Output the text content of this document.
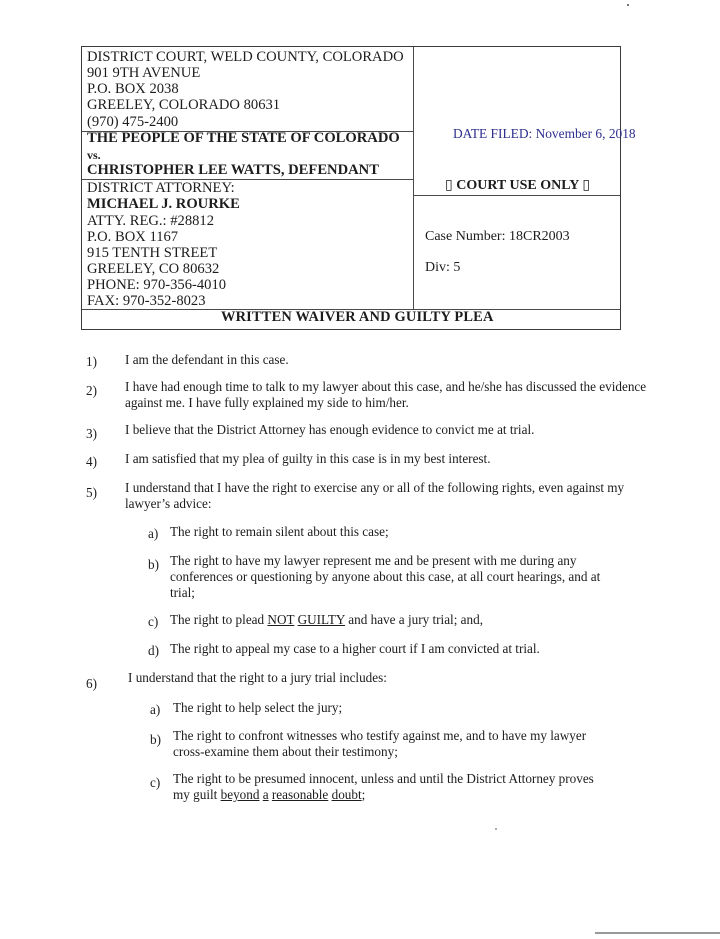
DISTRICT COURT, WELD COUNTY, COLORADO
901 9TH AVENUE
P.O. BOX 2038
GREELEY, COLORADO 80631
(970) 475-2400
THE PEOPLE OF THE STATE OF COLORADO
vs.
CHRISTOPHER LEE WATTS, DEFENDANT
DISTRICT ATTORNEY:
MICHAEL J. ROURKE
ATTY. REG.: #28812
P.O. BOX 1167
915 TENTH STREET
GREELEY, CO 80632
PHONE: 970-356-4010
FAX: 970-352-8023
DATE FILED: November 6, 2018
▯ COURT USE ONLY ▯
Case Number: 18CR2003
Div: 5
WRITTEN WAIVER AND GUILTY PLEA
1) I am the defendant in this case.
2) I have had enough time to talk to my lawyer about this case, and he/she has discussed the evidence
against me. I have fully explained my side to him/her.
3) I believe that the District Attorney has enough evidence to convict me at trial.
4) I am satisfied that my plea of guilty in this case is in my best interest.
5) I understand that I have the right to exercise any or all of the following rights, even against my
lawyer’s advice:
a) The right to remain silent about this case;
b) The right to have my lawyer represent me and be present with me during any
conferences or questioning by anyone about this case, at all court hearings, and at
trial;
c) The right to plead NOT GUILTY and have a jury trial; and,
d) The right to appeal my case to a higher court if I am convicted at trial.
6) I understand that the right to a jury trial includes:
a) The right to help select the jury;
b) The right to confront witnesses who testify against me, and to have my lawyer
cross-examine them about their testimony;
c) The right to be presumed innocent, unless and until the District Attorney proves
my guilt beyond a reasonable doubt;
